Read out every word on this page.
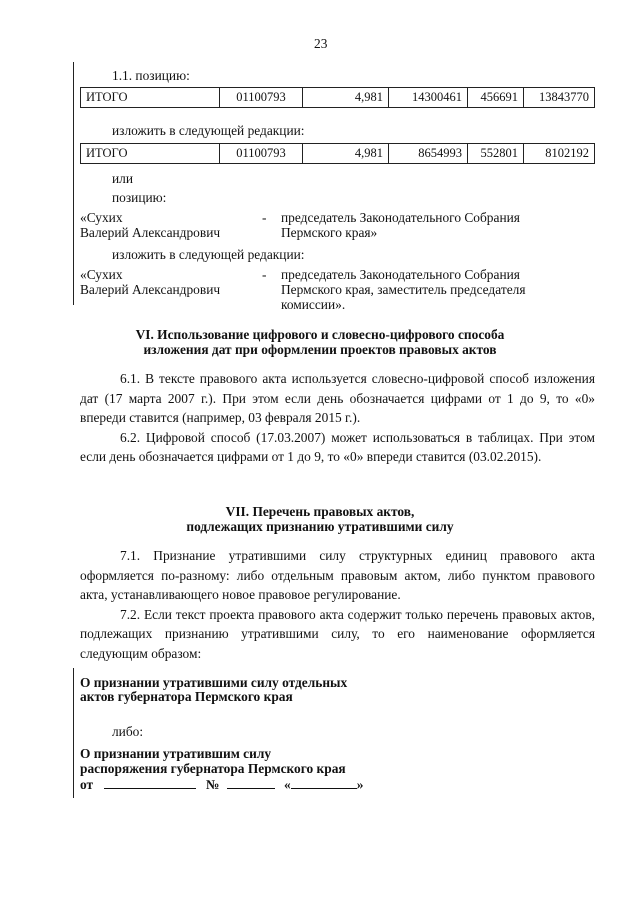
23
1.1. позицию:
ИТОГО	01100793	4,981	14300461	456691	13843770
изложить в следующей редакции:
ИТОГО	01100793	4,981	8654993	552801	8102192
или
позицию:
«Сухих
Валерий Александрович
- председатель Законодательного Собрания
Пермского края»
изложить в следующей редакции:
«Сухих
Валерий Александрович
- председатель Законодательного Собрания
Пермского края, заместитель председателя
комиссии».
VI. Использование цифрового и словесно-цифрового способа
изложения дат при оформлении проектов правовых актов

6.1. В тексте правового акта используется словесно-цифровой способ изложения дат (17 марта 2007 г.). При этом если день обозначается цифрами от 1 до 9, то «0» впереди ставится (например, 03 февраля 2015 г.).

6.2. Цифровой способ (17.03.2007) может использоваться в таблицах. При этом если день обозначается цифрами от 1 до 9, то «0» впереди ставится (03.02.2015).

VII. Перечень правовых актов,
подлежащих признанию утратившими силу

7.1. Признание утратившими силу структурных единиц правового акта оформляется по-разному: либо отдельным правовым актом, либо пунктом правового акта, устанавливающего новое правовое регулирование.

7.2. Если текст проекта правового акта содержит только перечень правовых актов, подлежащих признанию утратившими силу, то его наименование оформляется следующим образом:

О признании утратившими силу отдельных
актов губернатора Пермского края
либо:
О признании утратившим силу
распоряжения губернатора Пермского края
от	№	«	»
